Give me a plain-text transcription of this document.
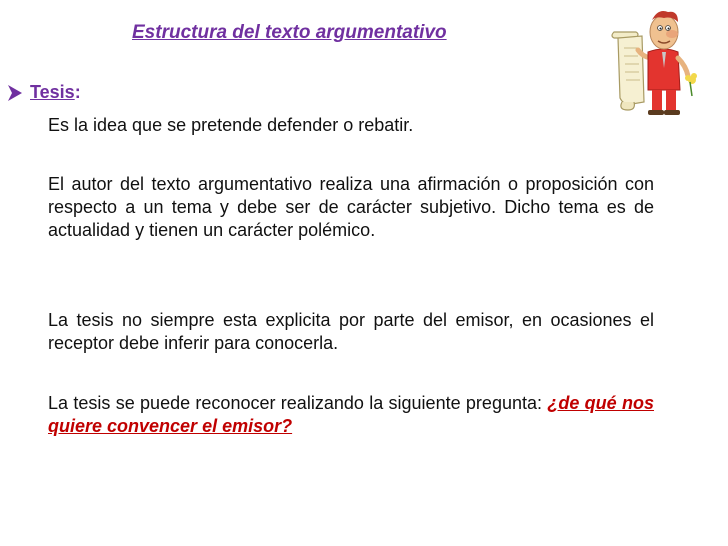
Estructura del texto argumentativo
Tesis:

Es la idea que se pretende defender o rebatir.

El autor del texto argumentativo realiza una afirmación o proposición con respecto a un tema y debe ser de carácter subjetivo. Dicho tema es de actualidad y tienen un carácter polémico.

La tesis no siempre esta explicita por parte del emisor, en ocasiones el receptor debe inferir para conocerla.

La tesis se puede reconocer realizando la siguiente pregunta: ¿de qué nos quiere convencer el emisor?
